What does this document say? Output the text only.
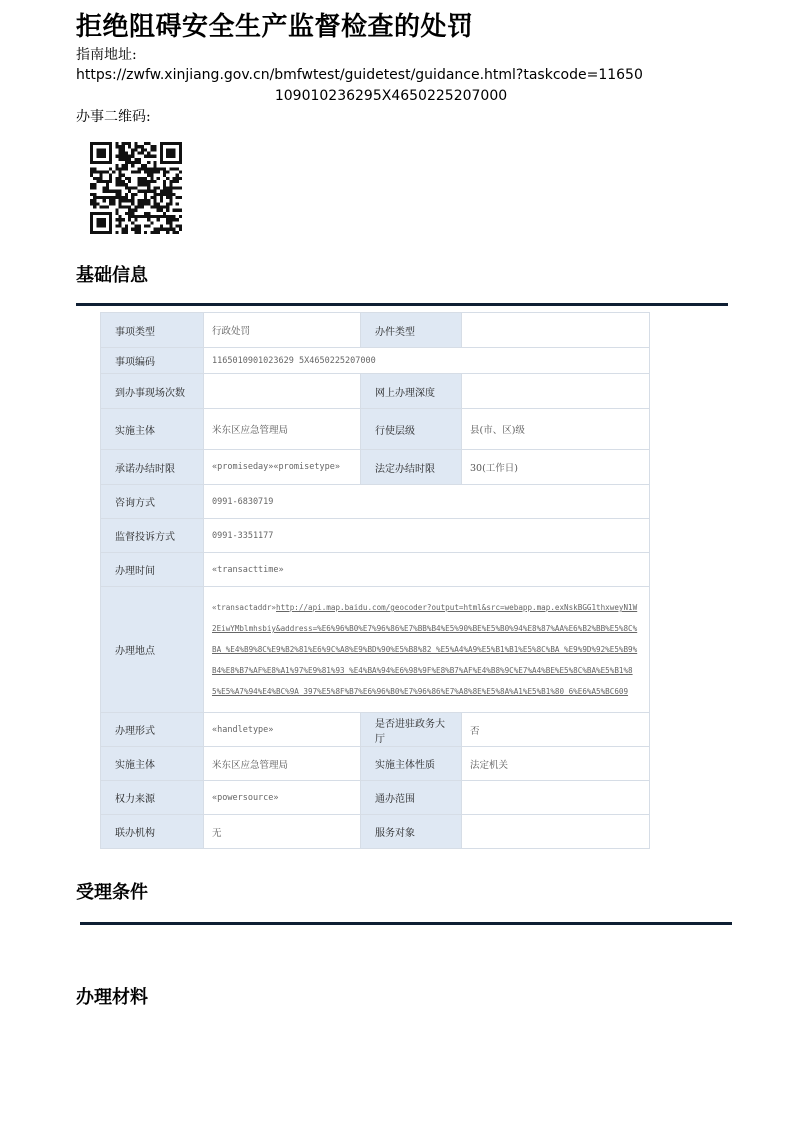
拒绝阻碍安全生产监督检查的处罚
指南地址:
https://zwfw.xinjiang.gov.cn/bmfwtest/guidetest/guidance.html?taskcode=11650
109010236295X4650225207000
办事二维码:
基础信息
事项类型	行政处罚	办件类型	
事项编码	1165010901023629 5X4650225207000		
到办事现场次数		网上办理深度	
实施主体	米东区应急管理局	行使层级	县(市、区)级
承诺办结时限	«promiseday»«promisetype»	法定办结时限	30(工作日)
咨询方式	0991-6830719		
监督投诉方式	0991-3351177		
办理时间	«transacttime»		
办理地点	«transactaddr»http://api.map.baidu.com/geocoder?output=html&src=webapp.map.exNskBGG1thxweyN1W2EiwYMblmhsbiy&address=%E6%96%B0%E7%96%86%E7%BB%B4%E5%90%BE%E5%B0%94%E8%87%AA%E6%B2%BB%E5%8C%BA %E4%B9%8C%E9%B2%81%E6%9C%A8%E9%BD%90%E5%B8%82 %E5%A4%A9%E5%B1%B1%E5%8C%BA %E9%9D%92%E5%B9%B4%E8%B7%AF%E8%A1%97%E9%81%93 %E4%BA%94%E6%98%9F%E8%B7%AF%E4%B8%9C%E7%A4%BE%E5%8C%BA%E5%B1%85%E5%A7%94%E4%BC%9A 397%E5%8F%B7%E6%96%B0%E7%96%86%E7%A8%8E%E5%8A%A1%E5%B1%80 6%E6%A5%BC609		

办理形式	«handletype»	是否进驻政务大厅	否
实施主体	米东区应急管理局	实施主体性质	法定机关
权力来源	«powersource»	通办范围	
联办机构	无	服务对象	
受理条件
办理材料
